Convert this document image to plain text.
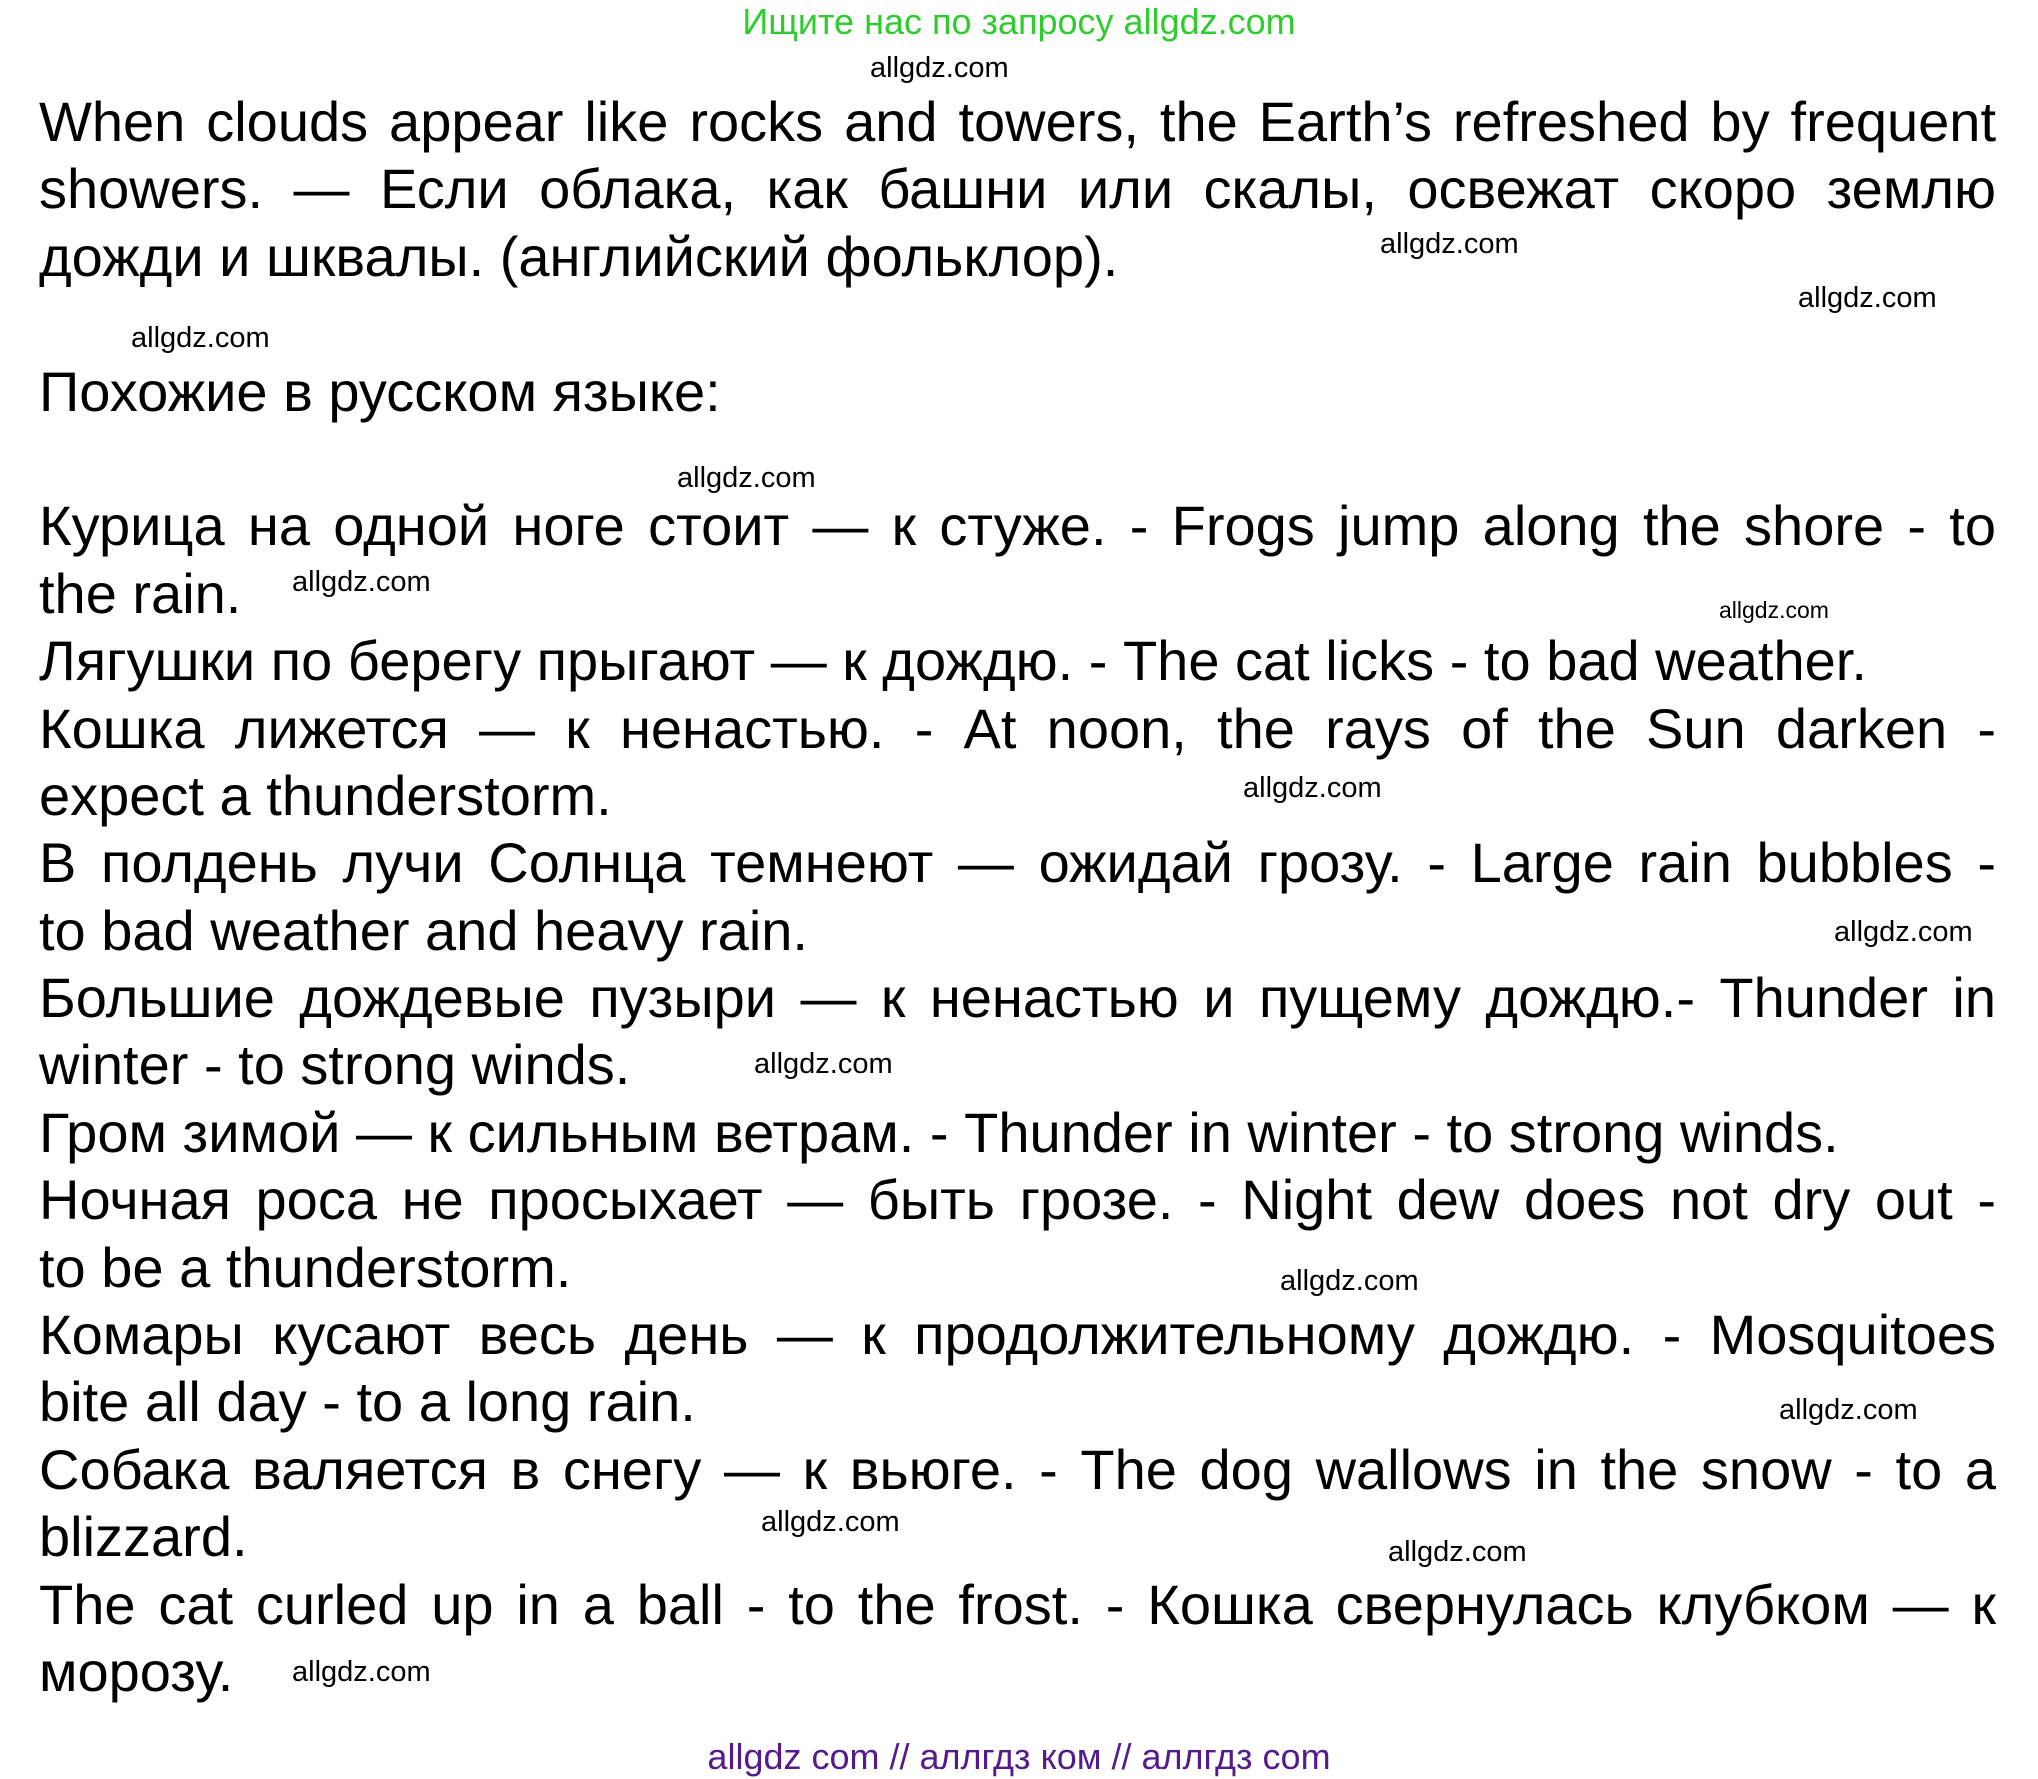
Ищите нас по запросу allgdz.com
When clouds appear like rocks and towers, the Earth’s refreshed by frequent
showers. — Если облака, как башни или скалы, освежат скоро землю
дожди и шквалы. (английский фольклор).
Похожие в русском языке:
Курица на одной ноге стоит — к стуже. - Frogs jump along the shore - to
the rain.
Лягушки по берегу прыгают — к дождю. - The cat licks - to bad weather.
Кошка лижется — к ненастью. - At noon, the rays of the Sun darken -
expect a thunderstorm.
В полдень лучи Солнца темнеют — ожидай грозу. - Large rain bubbles -
to bad weather and heavy rain.
Большие дождевые пузыри — к ненастью и пущему дождю.- Thunder in
winter - to strong winds.
Гром зимой — к сильным ветрам. - Thunder in winter - to strong winds.
Ночная роса не просыхает — быть грозе. - Night dew does not dry out -
to be a thunderstorm.
Комары кусают весь день — к продолжительному дождю. - Mosquitoes
bite all day - to a long rain.
Собака валяется в снегу — к вьюге. - The dog wallows in the snow - to a
blizzard.
The cat curled up in a ball - to the frost. - Кошка свернулась клубком — к
морозу.
allgdz.com
allgdz.com
allgdz.com
allgdz.com
allgdz.com
allgdz.com
allgdz.com
allgdz.com
allgdz.com
allgdz.com
allgdz.com
allgdz.com
allgdz.com
allgdz.com
allgdz.com
allgdz com // аллгдз ком // аллгдз com
